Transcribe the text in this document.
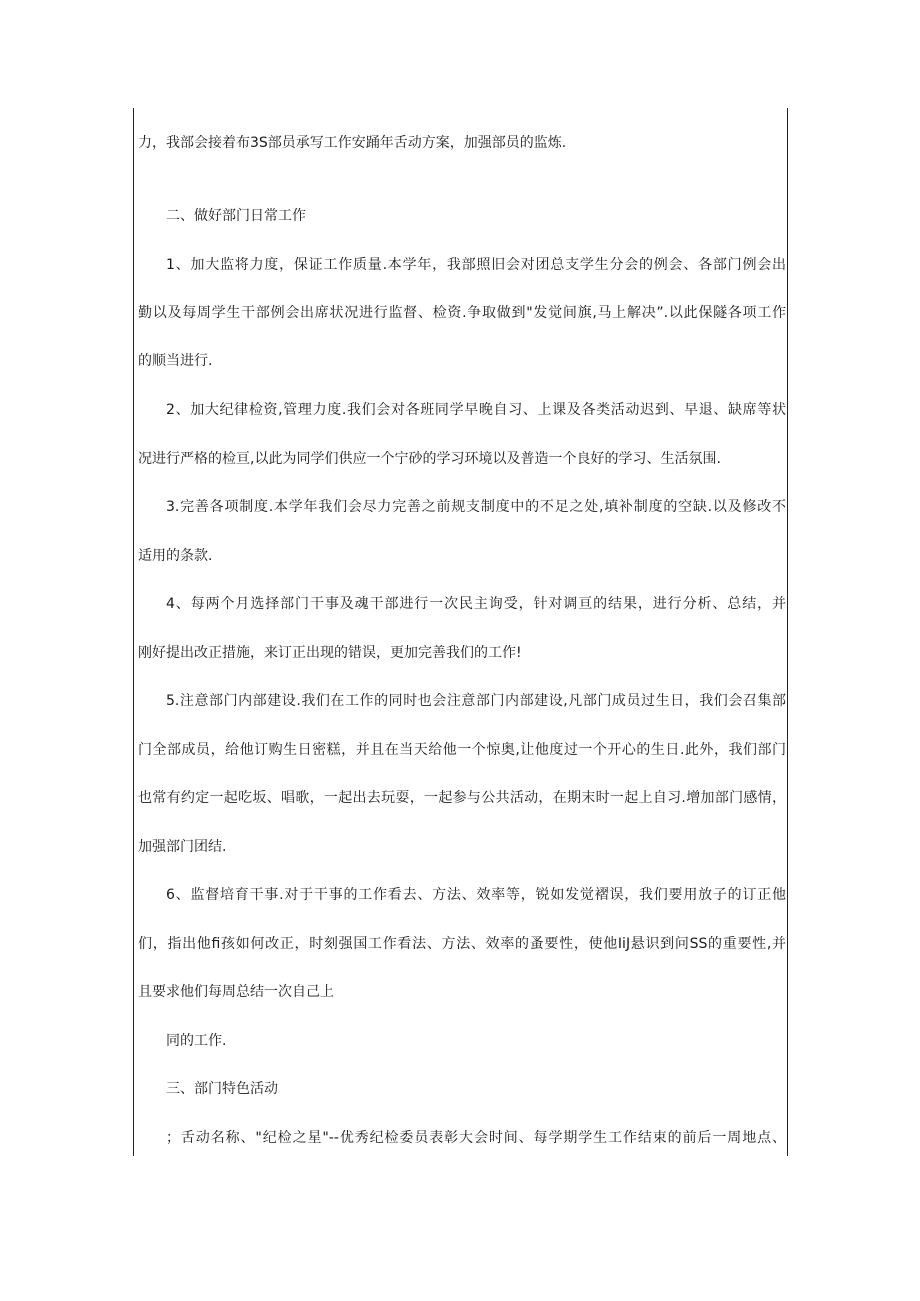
力，我部会接着布3S部员承写工作安踊年舌动方案，加强部员的监炼.
二、做好部门日常工作
1、加大监将力度，保证工作质量.本学年，我部照旧会对团总支学生分会的例会、各部门例会出
勤以及每周学生干部例会出席状况进行监督、检资.争取做到"发觉间旗,马上解决”.以此保隧各项工作
的顺当进行.
2、加大纪律检资,管理力度.我们会对各班同学早晚自习、上课及各类活动迟到、早退、缺席等状
况进行严格的检亘,以此为同学们供应一个宁砂的学习环境以及普造一个良好的学习、生活氛围.
3.完善各项制度.本学年我们会尽力完善之前规支制度中的不足之处,填补制度的空缺.以及修改不
适用的条款.
4、每两个月选择部门干事及魂干部进行一次民主询受，针对调亘的结果，进行分析、总结，并
刚好提出改正措施，来订正出现的错误，更加完善我们的工作!
5.注意部门内部建设.我们在工作的同时也会注意部门内部建设,凡部门成员过生日，我们会召集部
门全部成员，给他订购生日密糕，并且在当天给他一个惊奥,让他度过一个开心的生日.此外，我们部门
也常有约定一起吃坂、唱歌，一起出去玩耍，一起参与公共活动，在期末时一起上自习.增加部门感情，
加强部门团结.
6、监督培育干事.对于干事的工作看去、方法、效率等，锐如发觉褶误，我们要用放子的订正他
们，指出他fi孩如何改正，时刻强国工作看法、方法、效率的蚤要性，使他IiJ悬识到问SS的重要性,并
且要求他们每周总结一次自己上
同的工作.
三、部门特色活动
；舌动名称、"纪检之星"--优秀纪检委员表彰大会时间、每学期学生工作结束的前后一周地点、
